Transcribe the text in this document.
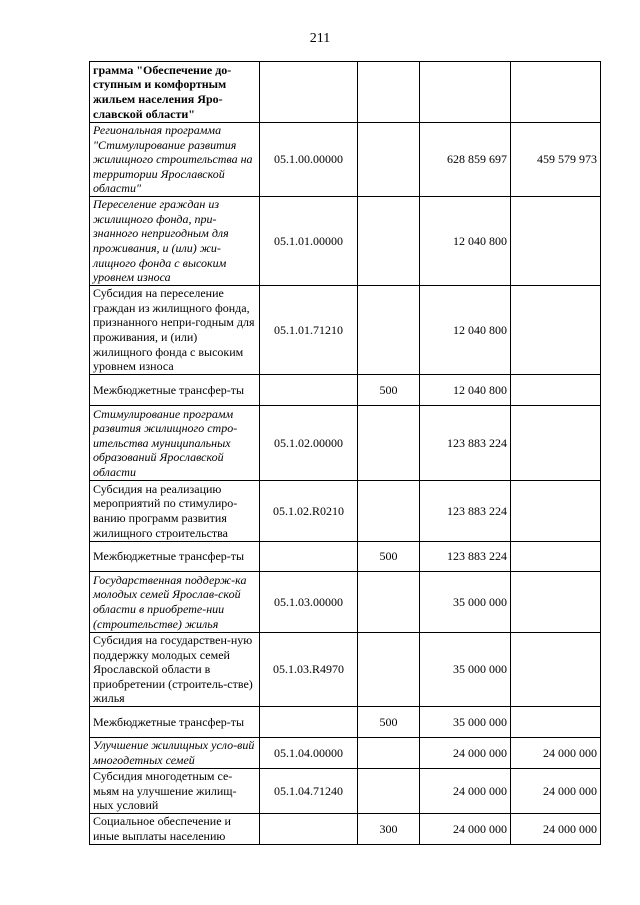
211
грамма "Обеспечение до-ступным и комфортным жильем населения Яро-славской области"				
Региональная программа "Стимулирование развития жилищного строительства на территории Ярославской области"	05.1.00.00000		628 859 697	459 579 973
Переселение граждан из жилищного фонда, при-знанного непригодным для проживания, и (или) жи-лищного фонда с высоким уровнем износа	05.1.01.00000		12 040 800	
Субсидия на переселение граждан из жилищного фонда, признанного непри-годным для проживания, и (или) жилищного фонда с высоким уровнем износа	05.1.01.71210		12 040 800	
Межбюджетные трансфер-ты		500	12 040 800	
Стимулирование программ развития жилищного стро-ительства муниципальных образований Ярославской области	05.1.02.00000		123 883 224	
Субсидия на реализацию мероприятий по стимулиро-ванию программ развития жилищного строительства	05.1.02.R0210		123 883 224	
Межбюджетные трансфер-ты		500	123 883 224	
Государственная поддерж-ка молодых семей Ярослав-ской области в приобрете-нии (строительстве) жилья	05.1.03.00000		35 000 000	
Субсидия на государствен-ную поддержку молодых семей Ярославской области в приобретении (строитель-стве) жилья	05.1.03.R4970		35 000 000	
Межбюджетные трансфер-ты		500	35 000 000	
Улучшение жилищных усло-вий многодетных семей	05.1.04.00000		24 000 000	24 000 000
Субсидия многодетным се-мьям на улучшение жилищ-ных условий	05.1.04.71240		24 000 000	24 000 000
Социальное обеспечение и иные выплаты населению		300	24 000 000	24 000 000
